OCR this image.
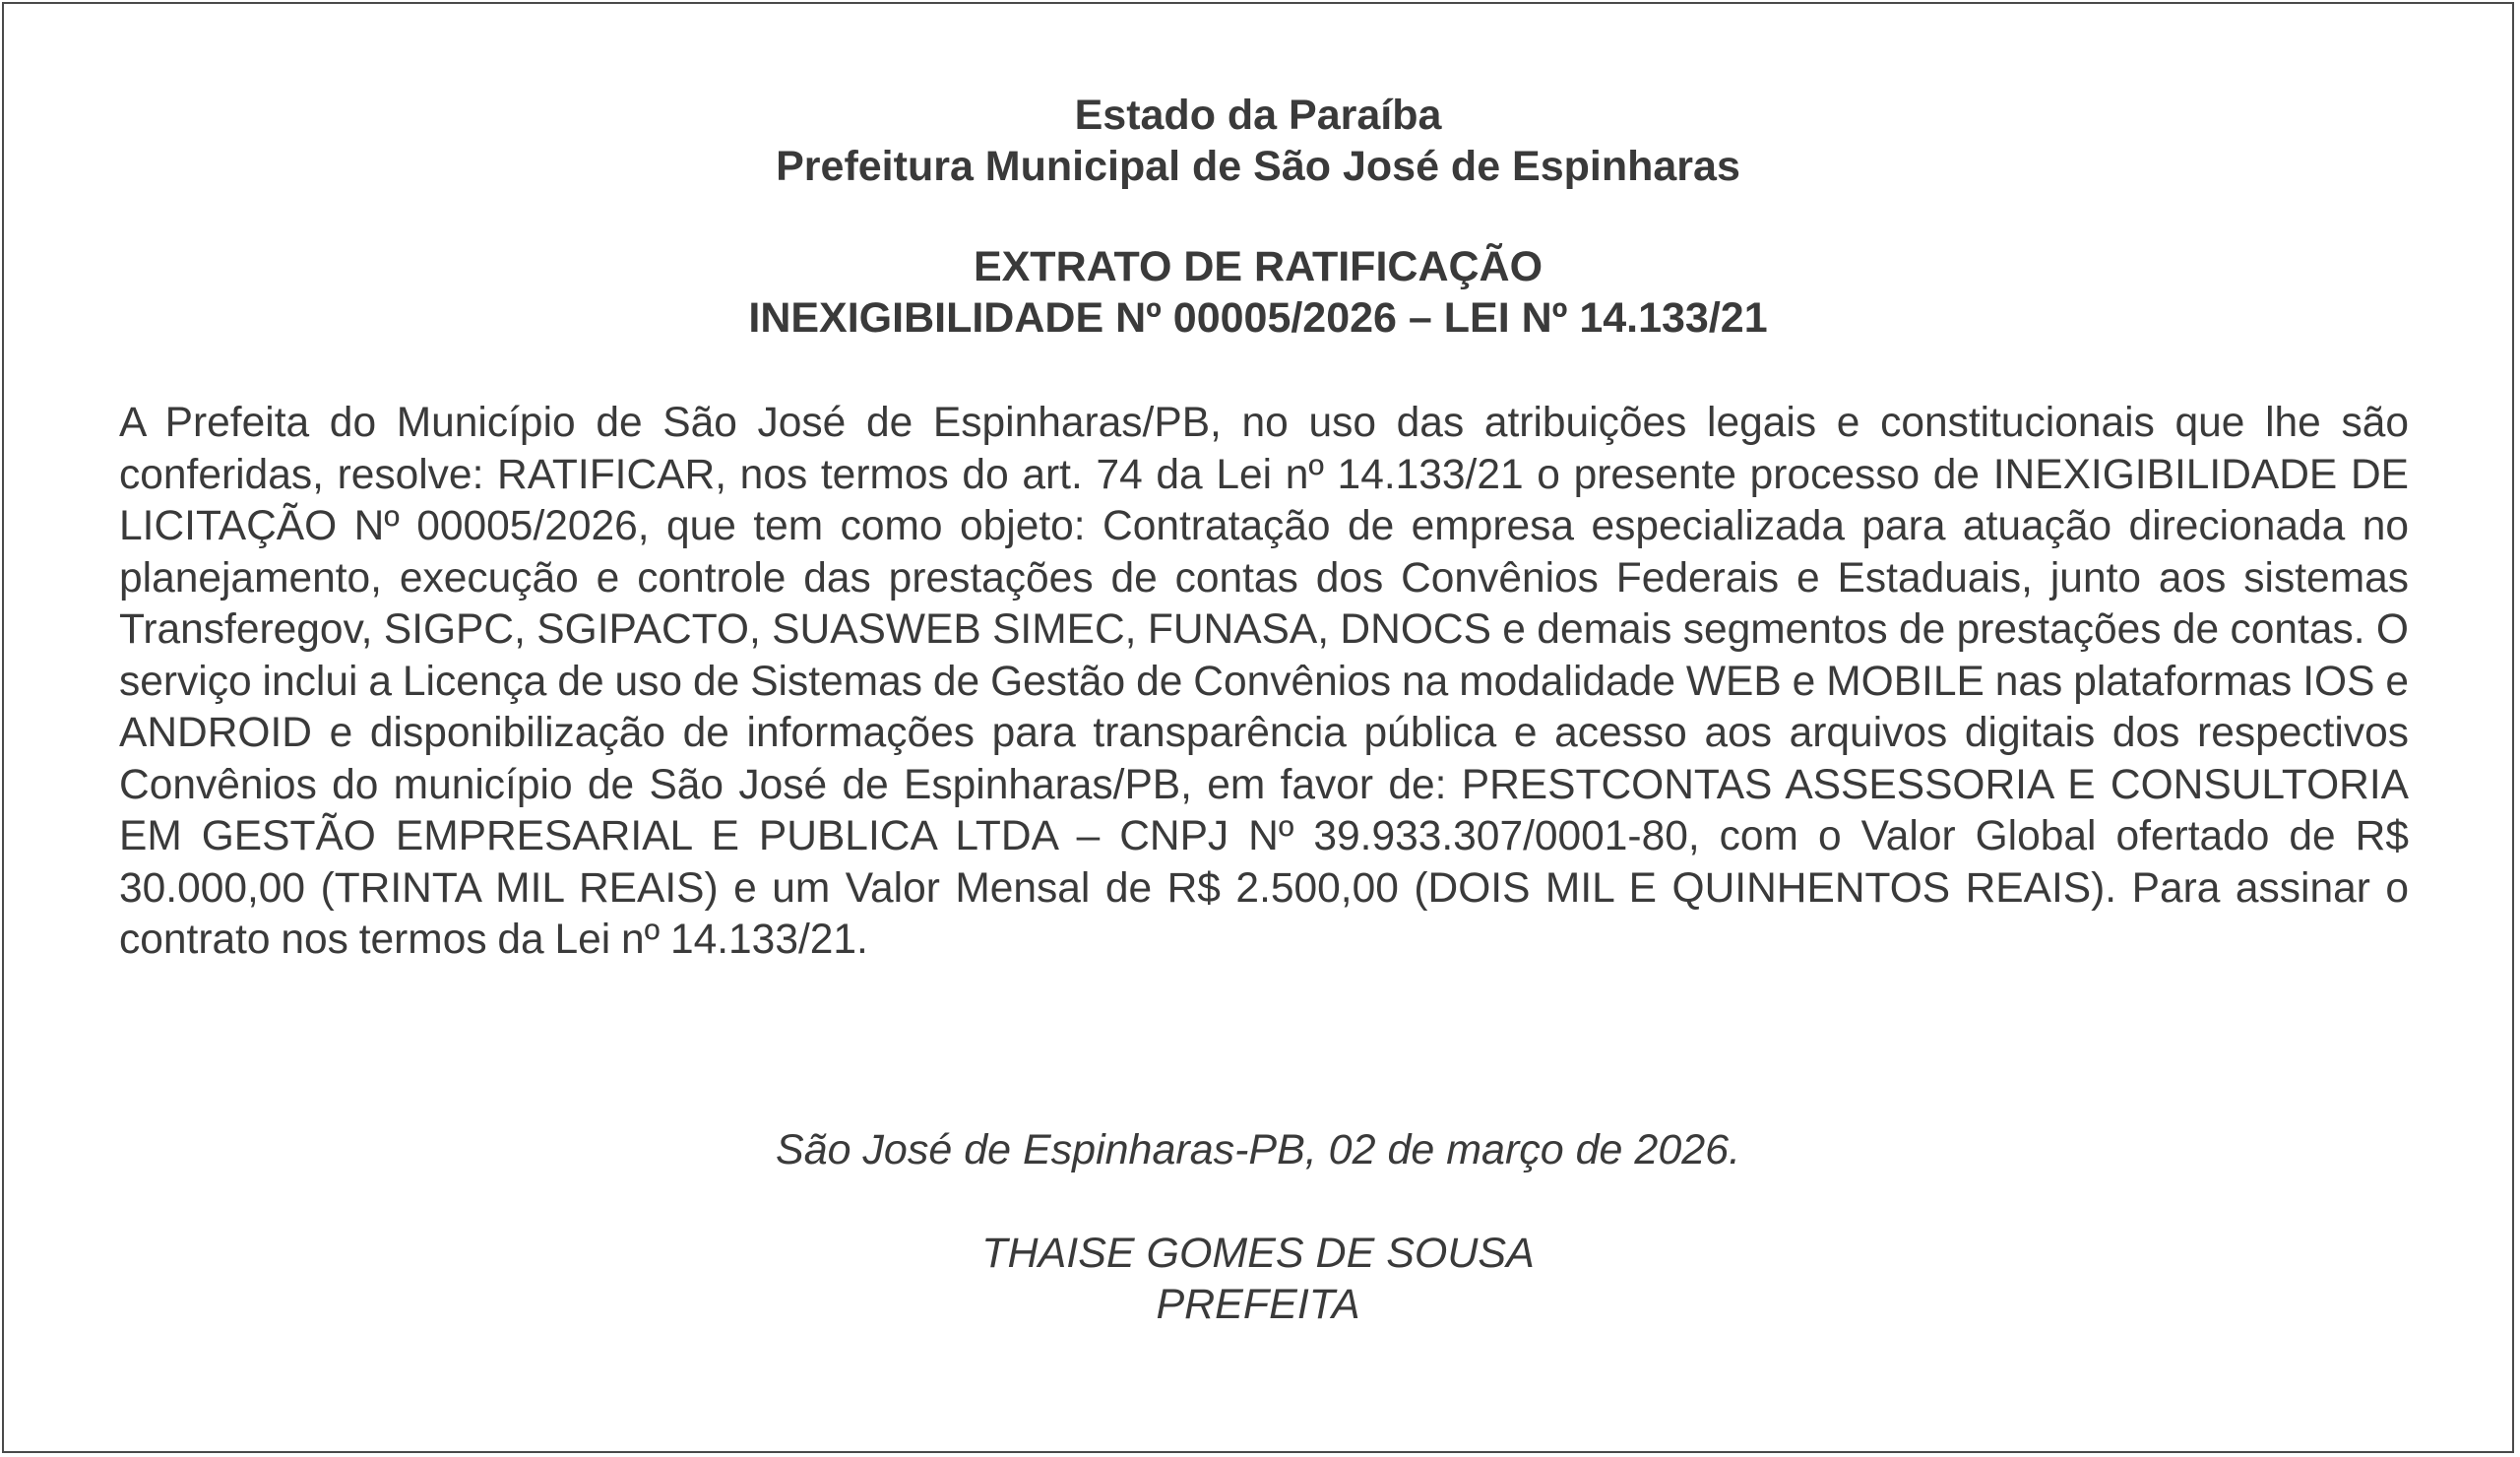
Estado da Paraíba
Prefeitura Municipal de São José de Espinharas
EXTRATO DE RATIFICAÇÃO
INEXIGIBILIDADE Nº 00005/2026 – LEI Nº 14.133/21
A Prefeita do Município de São José de Espinharas/PB, no uso das atribuições legais e constitucionais que lhe são conferidas, resolve: RATIFICAR, nos termos do art. 74 da Lei nº 14.133/21 o presente processo de INEXIGIBILIDADE DE LICITAÇÃO Nº 00005/2026, que tem como objeto: Contratação de empresa especializada para atuação direcionada no planejamento, execução e controle das prestações de contas dos Convênios Federais e Estaduais, junto aos sistemas Transferegov, SIGPC, SGIPACTO, SUASWEB SIMEC, FUNASA, DNOCS e demais segmentos de prestações de contas. O serviço inclui a Licença de uso de Sistemas de Gestão de Convênios na modalidade WEB e MOBILE nas plataformas IOS e ANDROID e disponibilização de informações para transparência pública e acesso aos arquivos digitais dos respectivos Convênios do município de São José de Espinharas/PB, em favor de: PRESTCONTAS ASSESSORIA E CONSULTORIA EM GESTÃO EMPRESARIAL E PUBLICA LTDA – CNPJ Nº 39.933.307/0001-80, com o Valor Global ofertado de R$ 30.000,00 (TRINTA MIL REAIS) e um Valor Mensal de R$ 2.500,00 (DOIS MIL E QUINHENTOS REAIS). Para assinar o contrato nos termos da Lei nº 14.133/21.
São José de Espinharas-PB, 02 de março de 2026.
THAISE GOMES DE SOUSA
PREFEITA
